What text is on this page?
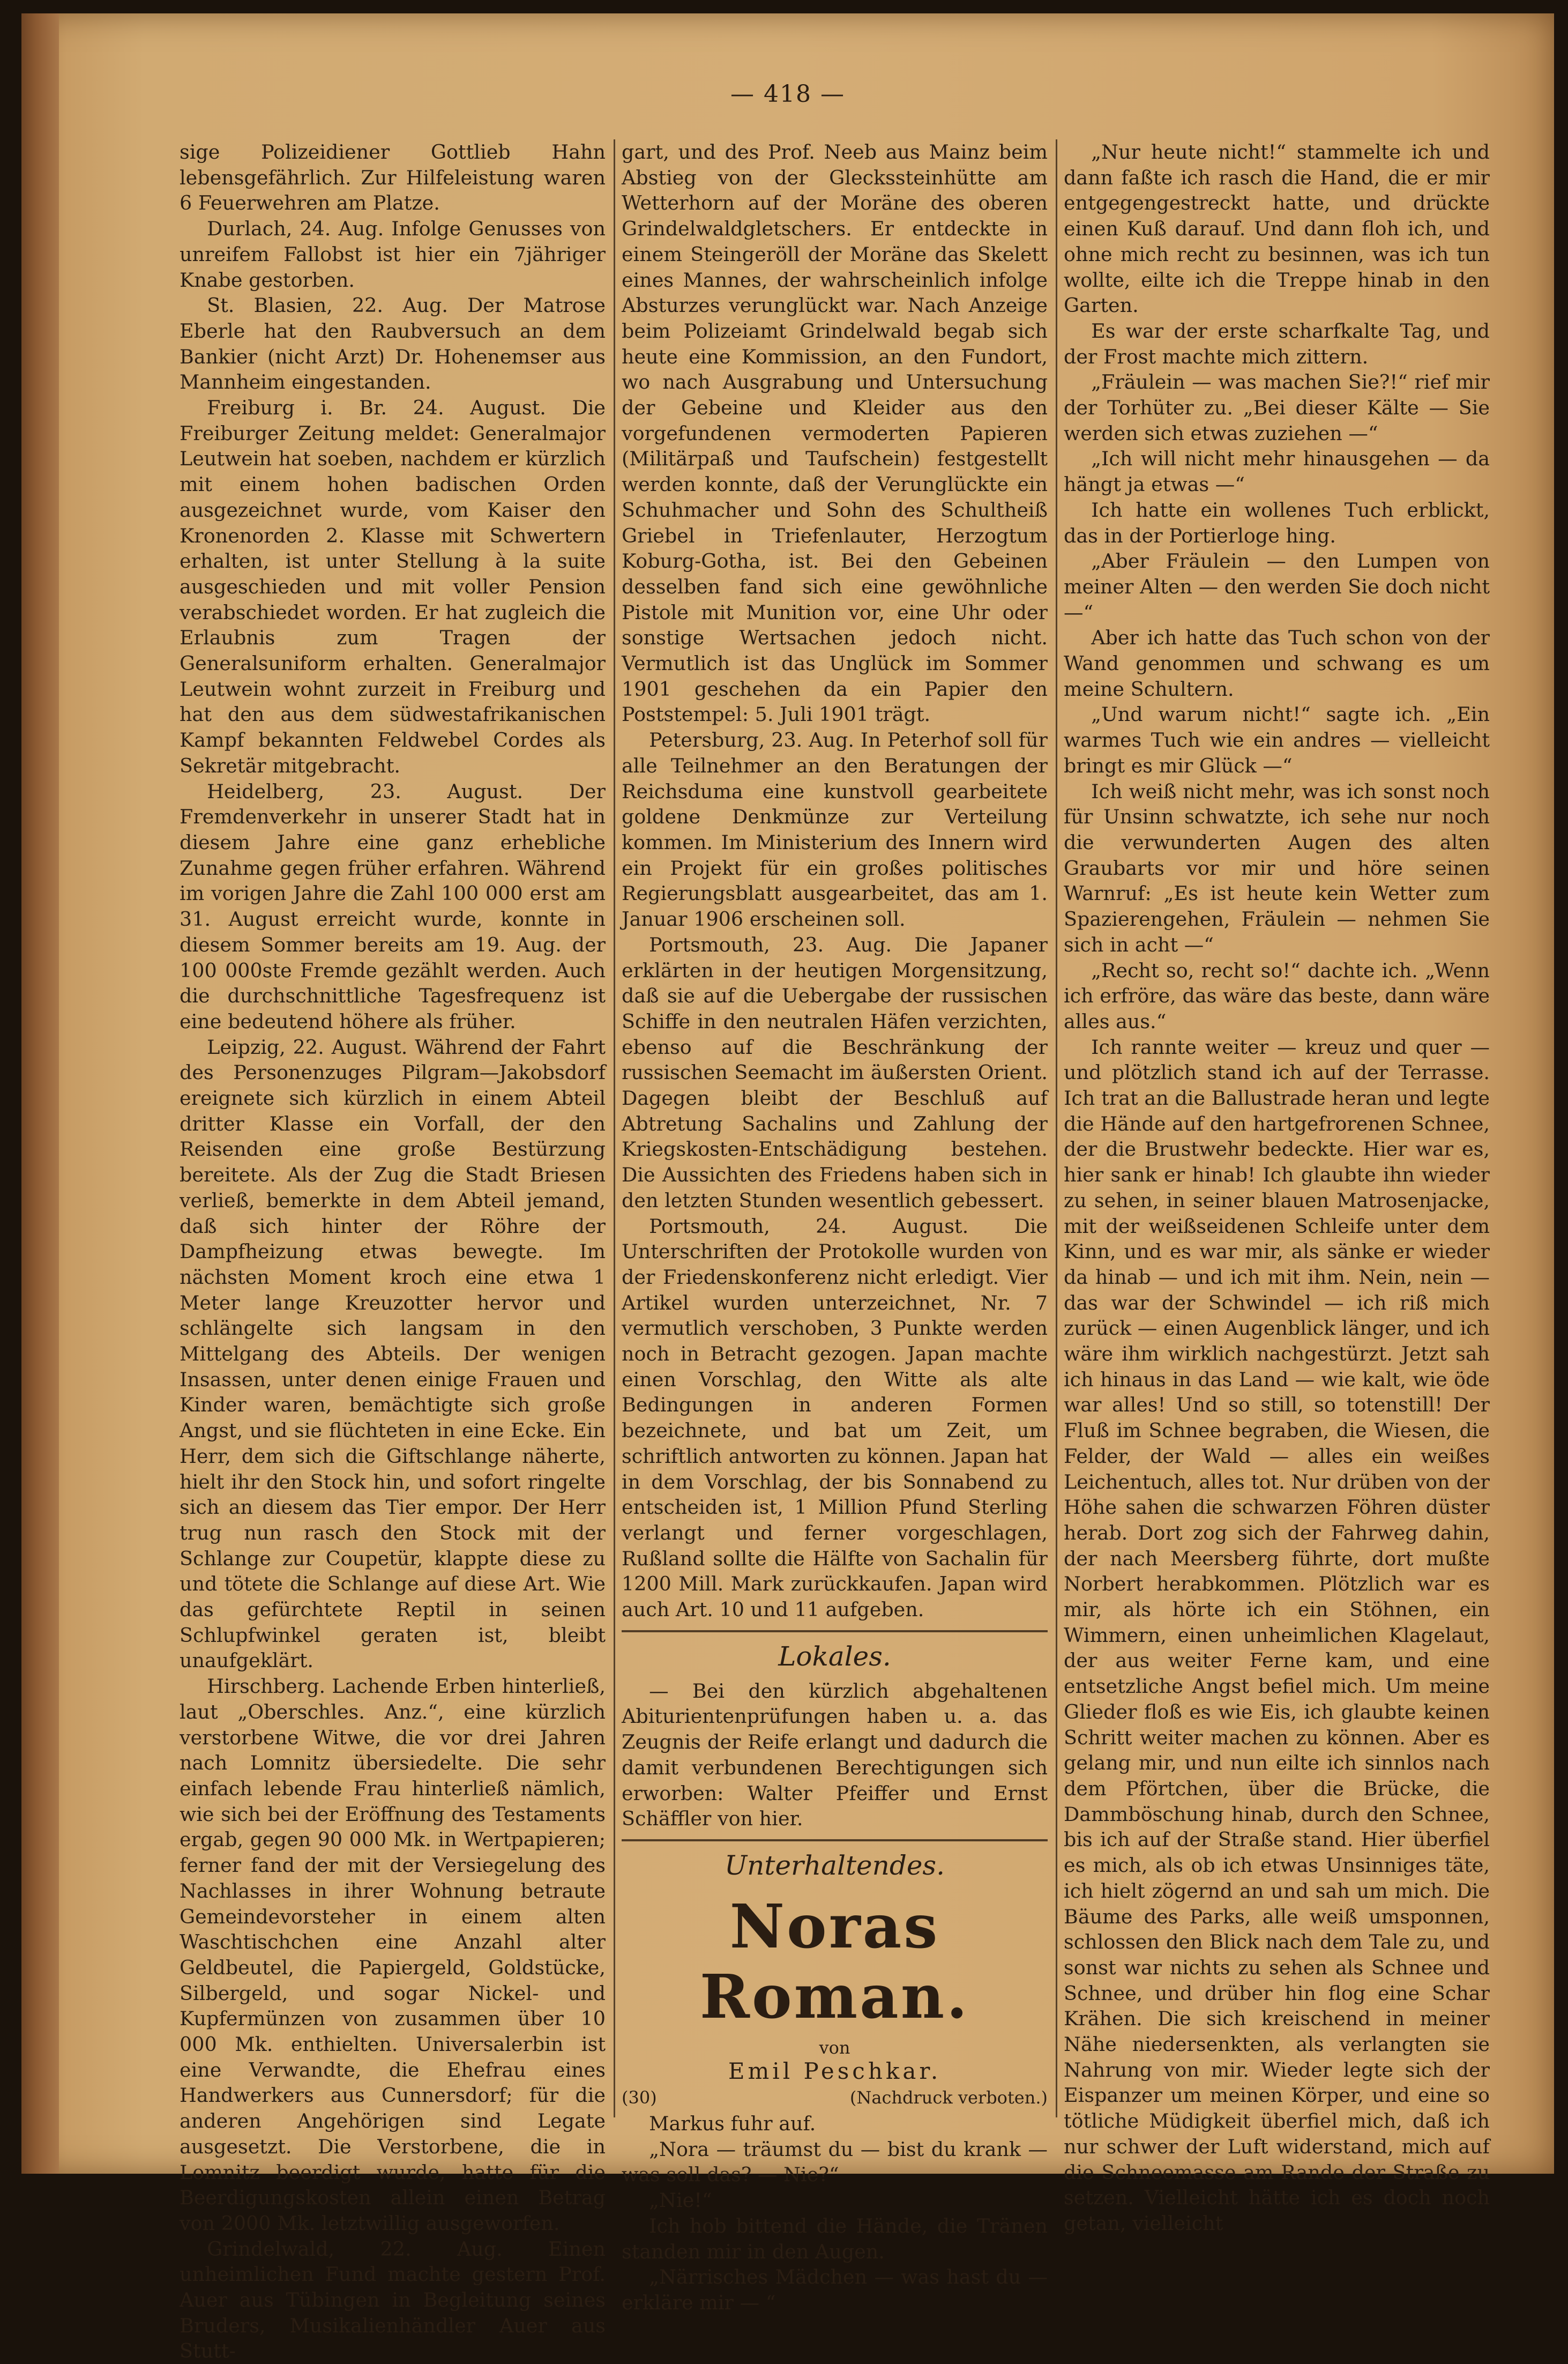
— 418 —

sige Polizeidiener Gottlieb Hahn lebensgefährlich. Zur Hilfeleistung waren 6 Feuerwehren am Platze.

Durlach, 24. Aug. Infolge Genusses von unreifem Fallobst ist hier ein 7jähriger Knabe gestorben.

St. Blasien, 22. Aug. Der Matrose Eberle hat den Raubversuch an dem Bankier (nicht Arzt) Dr. Hohenemser aus Mannheim eingestanden.

Freiburg i. Br. 24. August. Die Freiburger Zeitung meldet: Generalmajor Leutwein hat soeben, nachdem er kürzlich mit einem hohen badischen Orden ausgezeichnet wurde, vom Kaiser den Kronenorden 2. Klasse mit Schwertern erhalten, ist unter Stellung à la suite ausgeschieden und mit voller Pension verabschiedet worden. Er hat zugleich die Erlaubnis zum Tragen der Generalsuniform erhalten. Generalmajor Leutwein wohnt zurzeit in Freiburg und hat den aus dem südwestafrikanischen Kampf bekannten Feldwebel Cordes als Sekretär mitgebracht.

Heidelberg, 23. August. Der Fremdenverkehr in unserer Stadt hat in diesem Jahre eine ganz erhebliche Zunahme gegen früher erfahren. Während im vorigen Jahre die Zahl 100 000 erst am 31. August erreicht wurde, konnte in diesem Sommer bereits am 19. Aug. der 100 000ste Fremde gezählt werden. Auch die durchschnittliche Tagesfrequenz ist eine bedeutend höhere als früher.

Leipzig, 22. August. Während der Fahrt des Personenzuges Pilgram—Jakobsdorf ereignete sich kürzlich in einem Abteil dritter Klasse ein Vorfall, der den Reisenden eine große Bestürzung bereitete. Als der Zug die Stadt Briesen verließ, bemerkte in dem Abteil jemand, daß sich hinter der Röhre der Dampfheizung etwas bewegte. Im nächsten Moment kroch eine etwa 1 Meter lange Kreuzotter hervor und schlängelte sich langsam in den Mittelgang des Abteils. Der wenigen Insassen, unter denen einige Frauen und Kinder waren, bemächtigte sich große Angst, und sie flüchteten in eine Ecke. Ein Herr, dem sich die Giftschlange näherte, hielt ihr den Stock hin, und sofort ringelte sich an diesem das Tier empor. Der Herr trug nun rasch den Stock mit der Schlange zur Coupetür, klappte diese zu und tötete die Schlange auf diese Art. Wie das gefürchtete Reptil in seinen Schlupfwinkel geraten ist, bleibt unaufgeklärt.

Hirschberg. Lachende Erben hinterließ, laut „Oberschles. Anz.“, eine kürzlich verstorbene Witwe, die vor drei Jahren nach Lomnitz übersiedelte. Die sehr einfach lebende Frau hinterließ nämlich, wie sich bei der Eröffnung des Testaments ergab, gegen 90 000 Mk. in Wertpapieren; ferner fand der mit der Versiegelung des Nachlasses in ihrer Wohnung betraute Gemeindevorsteher in einem alten Waschtischchen eine Anzahl alter Geldbeutel, die Papiergeld, Goldstücke, Silbergeld, und sogar Nickel- und Kupfermünzen von zusammen über 10 000 Mk. enthielten. Universalerbin ist eine Verwandte, die Ehefrau eines Handwerkers aus Cunnersdorf; für die anderen Angehörigen sind Legate ausgesetzt. Die Verstorbene, die in Lomnitz beerdigt wurde, hatte für die Beerdigungskosten allein einen Betrag von 2000 Mk. letztwillig ausgeworfen.

Grindelwald, 22. Aug. Einen unheimlichen Fund machte gestern Prof. Auer aus Tübingen in Begleitung seines Bruders, Musikalienhändler Auer aus Stutt-

gart, und des Prof. Neeb aus Mainz beim Abstieg von der Gleckssteinhütte am Wetterhorn auf der Moräne des oberen Grindelwaldgletschers. Er entdeckte in einem Steingeröll der Moräne das Skelett eines Mannes, der wahrscheinlich infolge Absturzes verunglückt war. Nach Anzeige beim Polizeiamt Grindelwald begab sich heute eine Kommission, an den Fundort, wo nach Ausgrabung und Untersuchung der Gebeine und Kleider aus den vorgefundenen vermoderten Papieren (Militärpaß und Taufschein) festgestellt werden konnte, daß der Verunglückte ein Schuhmacher und Sohn des Schultheiß Griebel in Triefenlauter, Herzogtum Koburg-Gotha, ist. Bei den Gebeinen desselben fand sich eine gewöhnliche Pistole mit Munition vor, eine Uhr oder sonstige Wertsachen jedoch nicht. Vermutlich ist das Unglück im Sommer 1901 geschehen da ein Papier den Poststempel: 5. Juli 1901 trägt.

Petersburg, 23. Aug. In Peterhof soll für alle Teilnehmer an den Beratungen der Reichsduma eine kunstvoll gearbeitete goldene Denkmünze zur Verteilung kommen. Im Ministerium des Innern wird ein Projekt für ein großes politisches Regierungsblatt ausgearbeitet, das am 1. Januar 1906 erscheinen soll.

Portsmouth, 23. Aug. Die Japaner erklärten in der heutigen Morgensitzung, daß sie auf die Uebergabe der russischen Schiffe in den neutralen Häfen verzichten, ebenso auf die Beschränkung der russischen Seemacht im äußersten Orient. Dagegen bleibt der Beschluß auf Abtretung Sachalins und Zahlung der Kriegskosten-Entschädigung bestehen. Die Aussichten des Friedens haben sich in den letzten Stunden wesentlich gebessert.

Portsmouth, 24. August. Die Unterschriften der Protokolle wurden von der Friedenskonferenz nicht erledigt. Vier Artikel wurden unterzeichnet, Nr. 7 vermutlich verschoben, 3 Punkte werden noch in Betracht gezogen. Japan machte einen Vorschlag, den Witte als alte Bedingungen in anderen Formen bezeichnete, und bat um Zeit, um schriftlich antworten zu können. Japan hat in dem Vorschlag, der bis Sonnabend zu entscheiden ist, 1 Million Pfund Sterling verlangt und ferner vorgeschlagen, Rußland sollte die Hälfte von Sachalin für 1200 Mill. Mark zurückkaufen. Japan wird auch Art. 10 und 11 aufgeben.

Lokales.

— Bei den kürzlich abgehaltenen Abiturientenprüfungen haben u. a. das Zeugnis der Reife erlangt und dadurch die damit verbundenen Berechtigungen sich erworben: Walter Pfeiffer und Ernst Schäffler von hier.

Unterhaltendes.
Noras Roman.
von
Emil Peschkar.
(30)	(Nachdruck verboten.)

Markus fuhr auf.

„Nora — träumst du — bist du krank — was soll das? — Nie?“

„Nie!“

Ich hob bittend die Hände, die Tränen standen mir in den Augen.

„Närrisches Mädchen — was hast du — erkläre mir — “

„Nur heute nicht!“ stammelte ich und dann faßte ich rasch die Hand, die er mir entgegengestreckt hatte, und drückte einen Kuß darauf. Und dann floh ich, und ohne mich recht zu besinnen, was ich tun wollte, eilte ich die Treppe hinab in den Garten.

Es war der erste scharfkalte Tag, und der Frost machte mich zittern.

„Fräulein — was machen Sie?!“ rief mir der Torhüter zu. „Bei dieser Kälte — Sie werden sich etwas zuziehen —“

„Ich will nicht mehr hinausgehen — da hängt ja etwas —“

Ich hatte ein wollenes Tuch erblickt, das in der Portierloge hing.

„Aber Fräulein — den Lumpen von meiner Alten — den werden Sie doch nicht —“

Aber ich hatte das Tuch schon von der Wand genommen und schwang es um meine Schultern.

„Und warum nicht!“ sagte ich. „Ein warmes Tuch wie ein andres — vielleicht bringt es mir Glück —“

Ich weiß nicht mehr, was ich sonst noch für Unsinn schwatzte, ich sehe nur noch die verwunderten Augen des alten Graubarts vor mir und höre seinen Warnruf: „Es ist heute kein Wetter zum Spazierengehen, Fräulein — nehmen Sie sich in acht —“

„Recht so, recht so!“ dachte ich. „Wenn ich erfröre, das wäre das beste, dann wäre alles aus.“

Ich rannte weiter — kreuz und quer — und plötzlich stand ich auf der Terrasse. Ich trat an die Ballustrade heran und legte die Hände auf den hartgefrorenen Schnee, der die Brustwehr bedeckte. Hier war es, hier sank er hinab! Ich glaubte ihn wieder zu sehen, in seiner blauen Matrosenjacke, mit der weißseidenen Schleife unter dem Kinn, und es war mir, als sänke er wieder da hinab — und ich mit ihm. Nein, nein — das war der Schwindel — ich riß mich zurück — einen Augenblick länger, und ich wäre ihm wirklich nachgestürzt. Jetzt sah ich hinaus in das Land — wie kalt, wie öde war alles! Und so still, so totenstill! Der Fluß im Schnee begraben, die Wiesen, die Felder, der Wald — alles ein weißes Leichentuch, alles tot. Nur drüben von der Höhe sahen die schwarzen Föhren düster herab. Dort zog sich der Fahrweg dahin, der nach Meersberg führte, dort mußte Norbert herabkommen. Plötzlich war es mir, als hörte ich ein Stöhnen, ein Wimmern, einen unheimlichen Klagelaut, der aus weiter Ferne kam, und eine entsetzliche Angst befiel mich. Um meine Glieder floß es wie Eis, ich glaubte keinen Schritt weiter machen zu können. Aber es gelang mir, und nun eilte ich sinnlos nach dem Pförtchen, über die Brücke, die Dammböschung hinab, durch den Schnee, bis ich auf der Straße stand. Hier überfiel es mich, als ob ich etwas Unsinniges täte, ich hielt zögernd an und sah um mich. Die Bäume des Parks, alle weiß umsponnen, schlossen den Blick nach dem Tale zu, und sonst war nichts zu sehen als Schnee und Schnee, und drüber hin flog eine Schar Krähen. Die sich kreischend in meiner Nähe niedersenkten, als verlangten sie Nahrung von mir. Wieder legte sich der Eispanzer um meinen Körper, und eine so tötliche Müdigkeit überfiel mich, daß ich nur schwer der Luft widerstand, mich auf die Schneemasse am Rande der Straße zu setzen. Vielleicht hätte ich es doch noch getan, vielleicht
